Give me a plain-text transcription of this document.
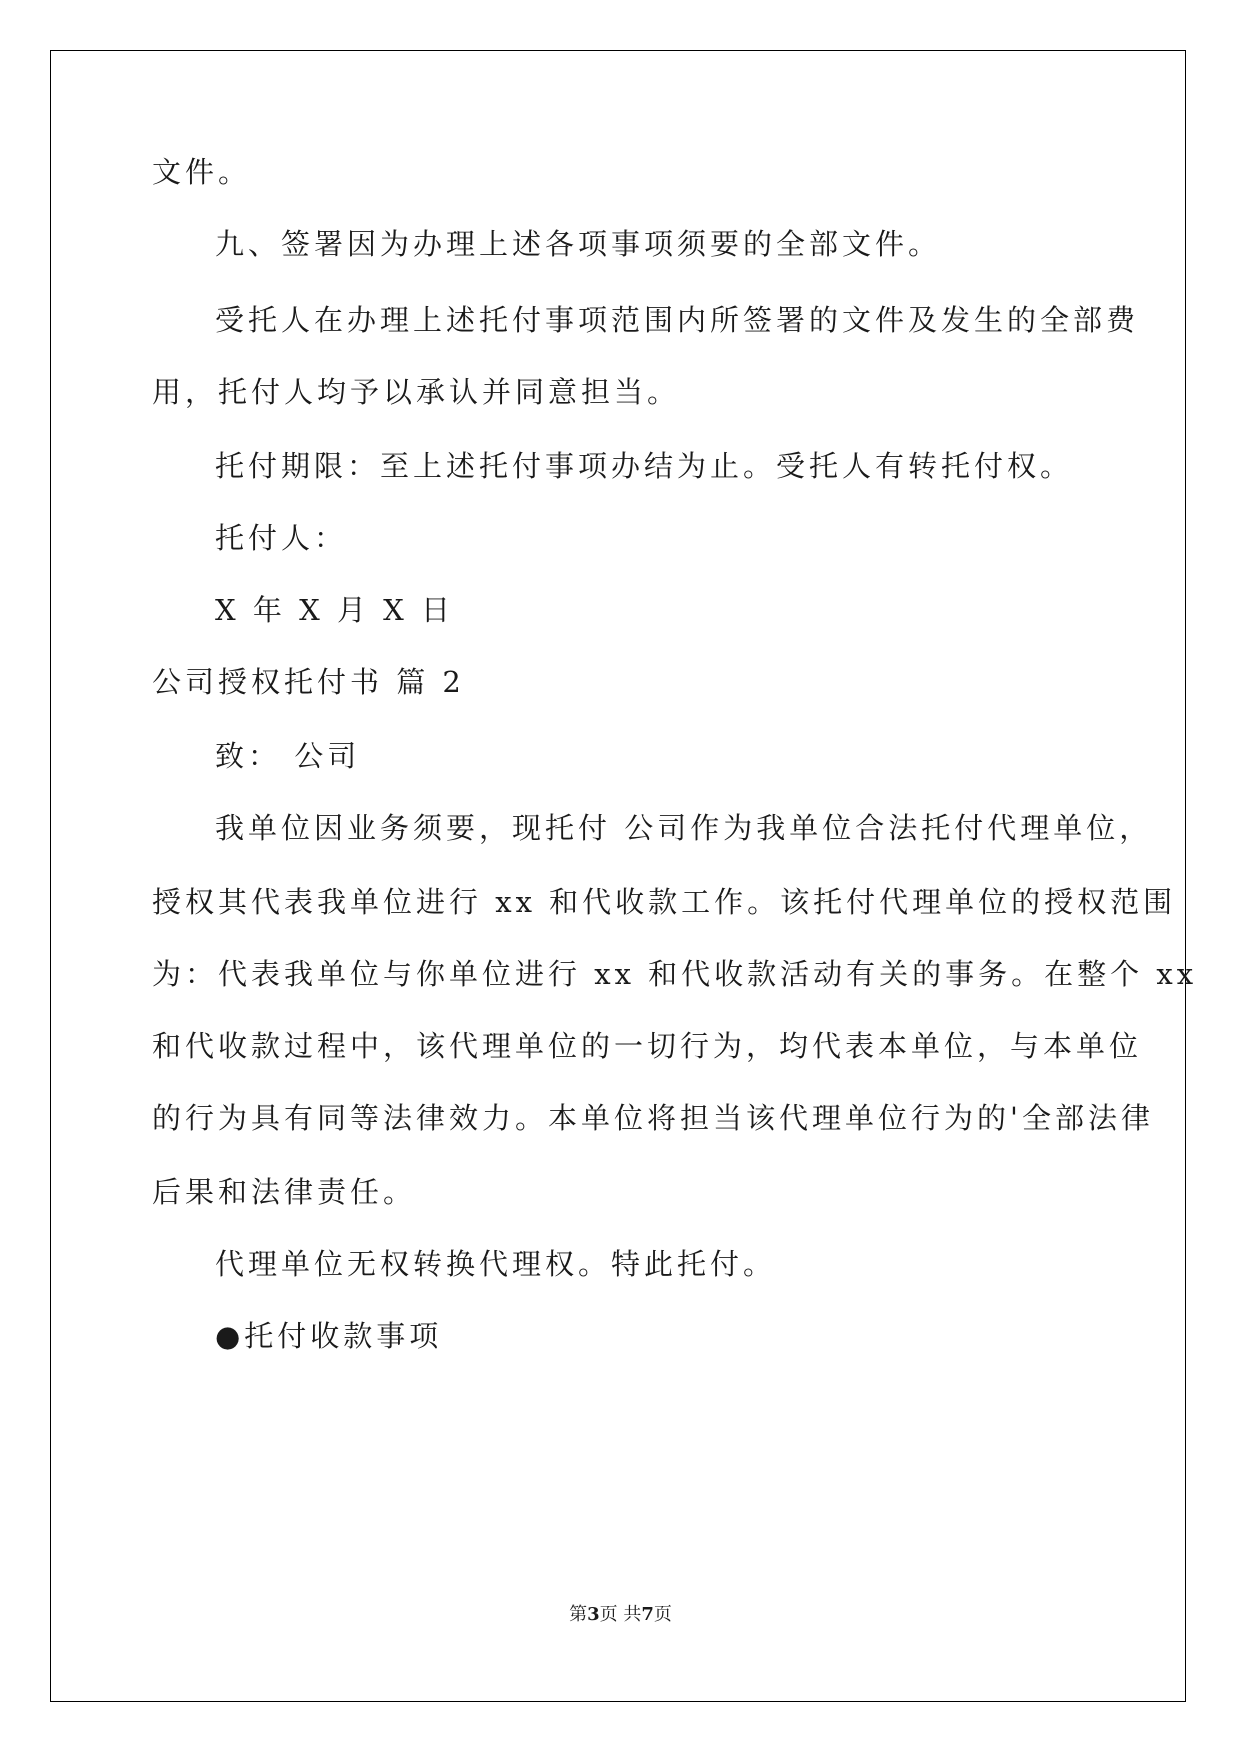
文件。
九、签署因为办理上述各项事项须要的全部文件。
受托人在办理上述托付事项范围内所签署的文件及发生的全部费
用，托付人均予以承认并同意担当。
托付期限：至上述托付事项办结为止。受托人有转托付权。
托付人：
X 年 X 月 X 日
公司授权托付书 篇 2
致： 公司
我单位因业务须要，现托付 公司作为我单位合法托付代理单位，
授权其代表我单位进行 xx 和代收款工作。该托付代理单位的授权范围
为：代表我单位与你单位进行 xx 和代收款活动有关的事务。在整个 xx
和代收款过程中，该代理单位的一切行为，均代表本单位，与本单位
的行为具有同等法律效力。本单位将担当该代理单位行为的'全部法律
后果和法律责任。
代理单位无权转换代理权。特此托付。
●托付收款事项
第3页 共7页
